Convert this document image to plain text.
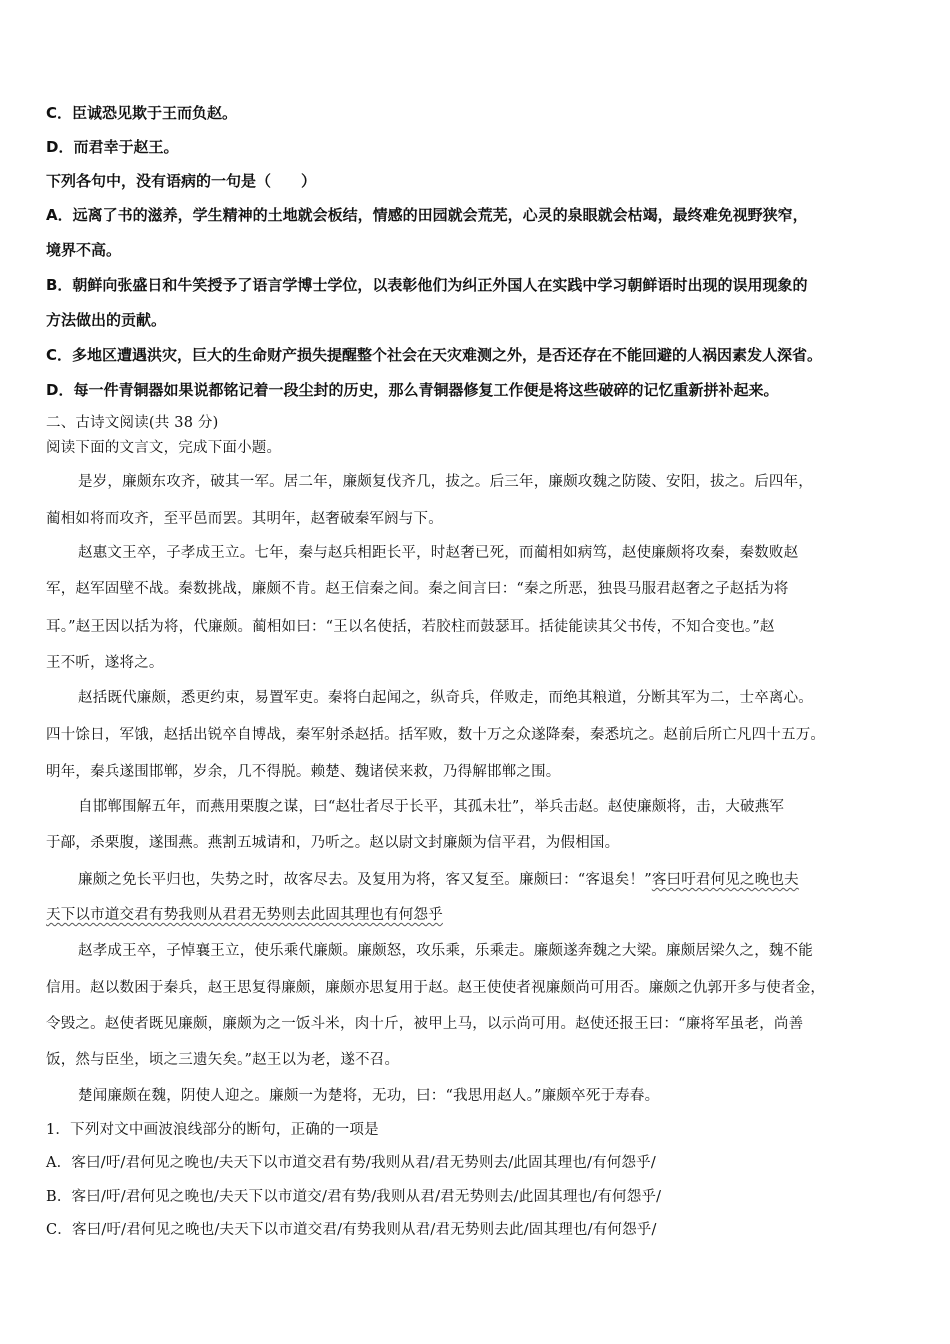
C．臣诚恐见欺于王而负赵。
D．而君幸于赵王。
下列各句中，没有语病的一句是（　　）
A．远离了书的滋养，学生精神的土地就会板结，情感的田园就会荒芜，心灵的泉眼就会枯竭，最终难免视野狭窄，
境界不高。
B．朝鲜向张盛日和牛笑授予了语言学博士学位，以表彰他们为纠正外国人在实践中学习朝鲜语时出现的误用现象的
方法做出的贡献。
C．多地区遭遇洪灾，巨大的生命财产损失提醒整个社会在天灾难测之外，是否还存在不能回避的人祸因素发人深省。
D．每一件青铜器如果说都铭记着一段尘封的历史，那么青铜器修复工作便是将这些破碎的记忆重新拼补起来。
二、古诗文阅读(共 38 分)
阅读下面的文言文，完成下面小题。
是岁，廉颇东攻齐，破其一军。居二年，廉颇复伐齐几，拔之。后三年，廉颇攻魏之防陵、安阳，拔之。后四年，
蔺相如将而攻齐，至平邑而罢。其明年，赵奢破秦军阏与下。
赵惠文王卒，子孝成王立。七年，秦与赵兵相距长平，时赵奢已死，而蔺相如病笃，赵使廉颇将攻秦，秦数败赵
军，赵军固壁不战。秦数挑战，廉颇不肯。赵王信秦之间。秦之间言曰：“秦之所恶，独畏马服君赵奢之子赵括为将
耳。”赵王因以括为将，代廉颇。蔺相如曰：“王以名使括，若胶柱而鼓瑟耳。括徒能读其父书传，不知合变也。”赵
王不听，遂将之。
赵括既代廉颇，悉更约束，易置军吏。秦将白起闻之，纵奇兵，佯败走，而绝其粮道，分断其军为二，士卒离心。
四十馀日，军饿，赵括出锐卒自博战，秦军射杀赵括。括军败，数十万之众遂降秦，秦悉坑之。赵前后所亡凡四十五万。
明年，秦兵遂围邯郸，岁余，几不得脱。赖楚、魏诸侯来救，乃得解邯郸之围。
自邯郸围解五年，而燕用栗腹之谋，曰“赵壮者尽于长平，其孤未壮”，举兵击赵。赵使廉颇将，击，大破燕军
于鄗，杀栗腹，遂围燕。燕割五城请和，乃听之。赵以尉文封廉颇为信平君，为假相国。
廉颇之免长平归也，失势之时，故客尽去。及复用为将，客又复至。廉颇曰：“客退矣！”客曰吁君何见之晚也夫
天下以市道交君有势我则从君君无势则去此固其理也有何怨乎
赵孝成王卒，子悼襄王立，使乐乘代廉颇。廉颇怒，攻乐乘，乐乘走。廉颇遂奔魏之大梁。廉颇居梁久之，魏不能
信用。赵以数困于秦兵，赵王思复得廉颇，廉颇亦思复用于赵。赵王使使者视廉颇尚可用否。廉颇之仇郭开多与使者金，
令毁之。赵使者既见廉颇，廉颇为之一饭斗米，肉十斤，被甲上马，以示尚可用。赵使还报王曰：“廉将军虽老，尚善
饭，然与臣坐，顷之三遗矢矣。”赵王以为老，遂不召。
楚闻廉颇在魏，阴使人迎之。廉颇一为楚将，无功，曰：“我思用赵人。”廉颇卒死于寿春。
1．下列对文中画波浪线部分的断句，正确的一项是
A．客曰/吁/君何见之晚也/夫天下以市道交君有势/我则从君/君无势则去/此固其理也/有何怨乎/
B．客曰/吁/君何见之晚也/夫天下以市道交/君有势/我则从君/君无势则去/此固其理也/有何怨乎/
C．客曰/吁/君何见之晚也/夫天下以市道交君/有势我则从君/君无势则去此/固其理也/有何怨乎/
